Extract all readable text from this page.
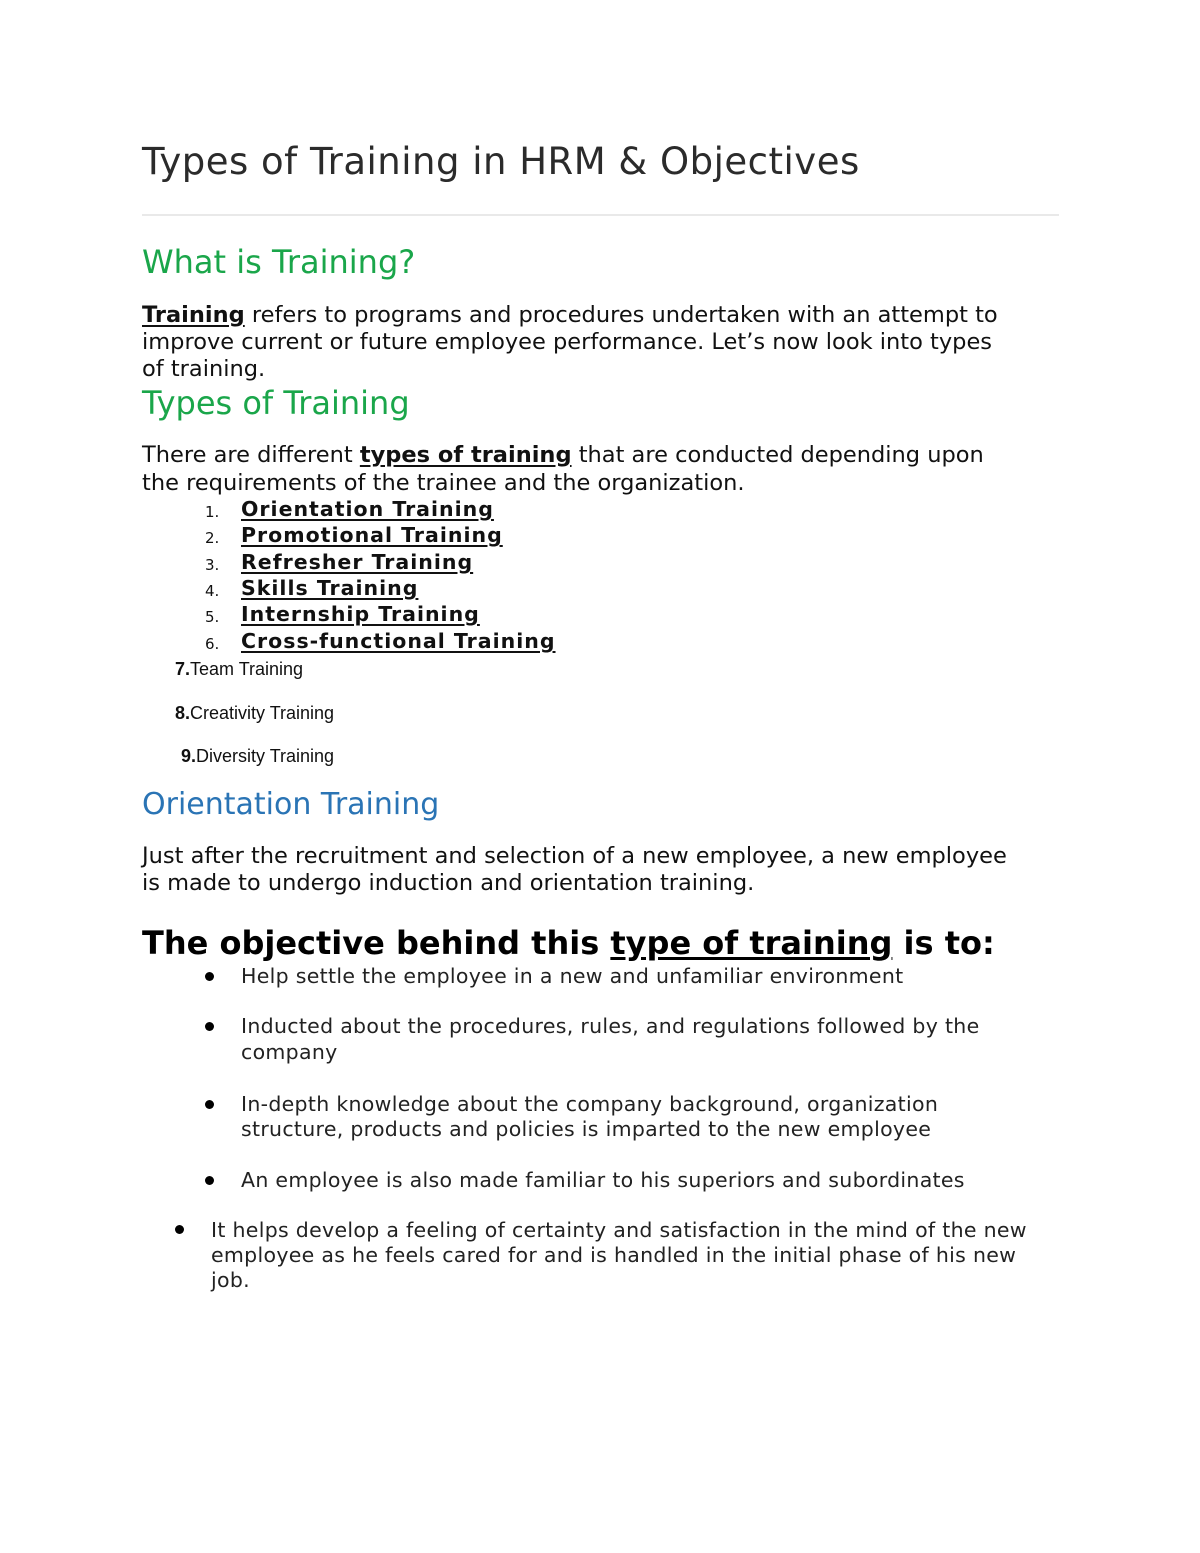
Types of Training in HRM & Objectives
What is Training?
Training refers to programs and procedures undertaken with an attempt to
improve current or future employee performance. Let’s now look into types
of training.
Types of Training
There are different types of training that are conducted depending upon
the requirements of the trainee and the organization.
1. Orientation Training
2. Promotional Training
3. Refresher Training
4. Skills Training
5. Internship Training
6. Cross-functional Training
7.Team Training
8.Creativity Training
9.Diversity Training
Orientation Training
Just after the recruitment and selection of a new employee, a new employee
is made to undergo induction and orientation training.
The objective behind this type of training is to:
Help settle the employee in a new and unfamiliar environment
Inducted about the procedures, rules, and regulations followed by the
company
In-depth knowledge about the company background, organization
structure, products and policies is imparted to the new employee
An employee is also made familiar to his superiors and subordinates
It helps develop a feeling of certainty and satisfaction in the mind of the new
employee as he feels cared for and is handled in the initial phase of his new
job.
